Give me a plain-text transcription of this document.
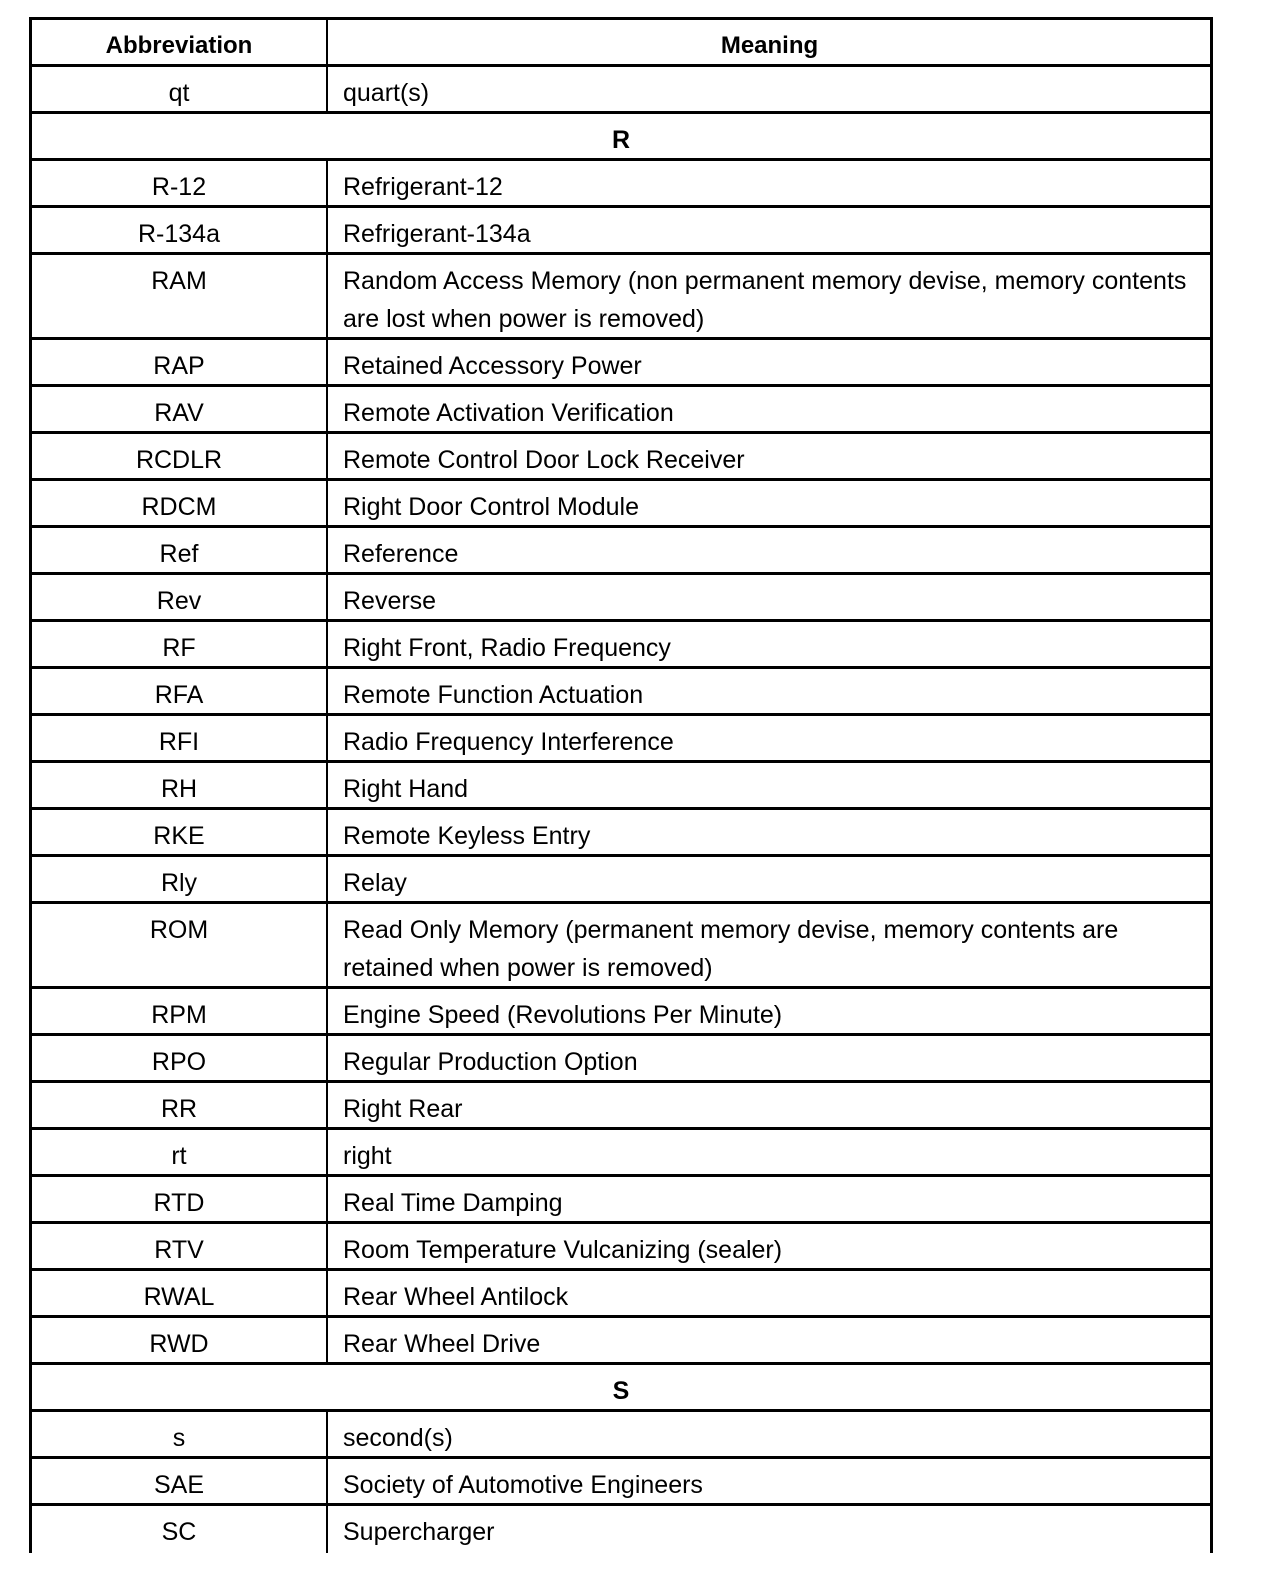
Abbreviation	Meaning
qt	quart(s)
R
R-12	Refrigerant-12
R-134a	Refrigerant-134a
RAM	Random Access Memory (non permanent memory devise, memory contents are lost when power is removed)
RAP	Retained Accessory Power
RAV	Remote Activation Verification
RCDLR	Remote Control Door Lock Receiver
RDCM	Right Door Control Module
Ref	Reference
Rev	Reverse
RF	Right Front, Radio Frequency
RFA	Remote Function Actuation
RFI	Radio Frequency Interference
RH	Right Hand
RKE	Remote Keyless Entry
Rly	Relay
ROM	Read Only Memory (permanent memory devise, memory contents are retained when power is removed)
RPM	Engine Speed (Revolutions Per Minute)
RPO	Regular Production Option
RR	Right Rear
rt	right
RTD	Real Time Damping
RTV	Room Temperature Vulcanizing (sealer)
RWAL	Rear Wheel Antilock
RWD	Rear Wheel Drive
S
s	second(s)
SAE	Society of Automotive Engineers
SC	Supercharger
